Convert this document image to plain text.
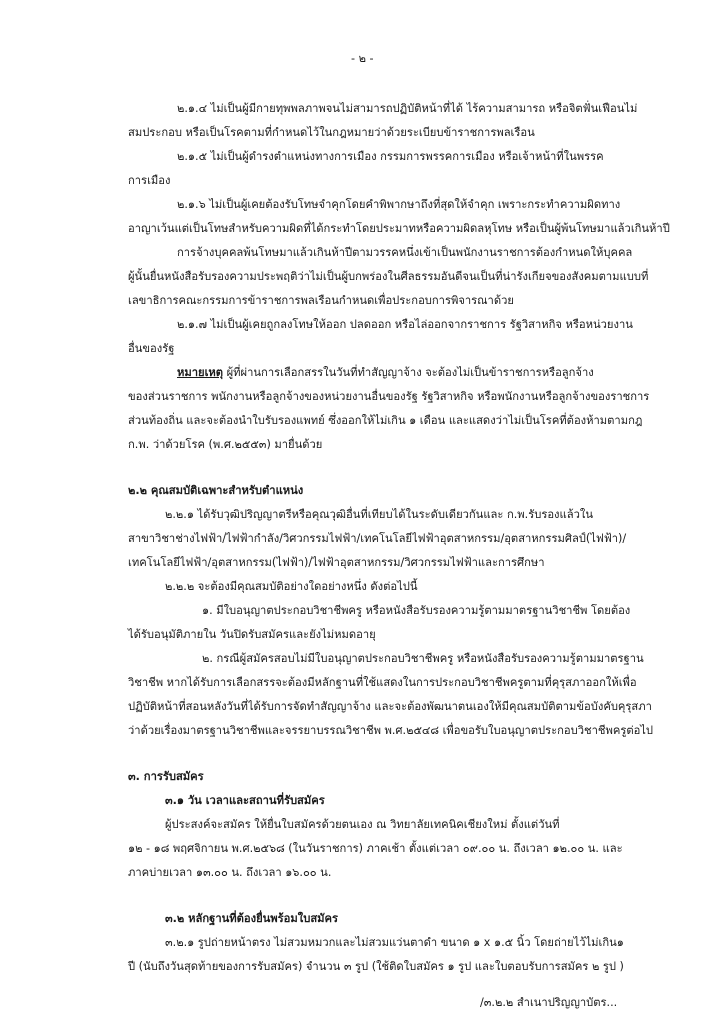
- ๒ -
๒.๑.๔ ไม่เป็นผู้มีกายทุพพลภาพจนไม่สามารถปฏิบัติหน้าที่ได้ ไร้ความสามารถ หรือจิตฟั่นเฟือนไม่
สมประกอบ หรือเป็นโรคตามที่กำหนดไว้ในกฎหมายว่าด้วยระเบียบข้าราชการพลเรือน
๒.๑.๕ ไม่เป็นผู้ดำรงตำแหน่งทางการเมือง กรรมการพรรคการเมือง หรือเจ้าหน้าที่ในพรรค
การเมือง
๒.๑.๖ ไม่เป็นผู้เคยต้องรับโทษจำคุกโดยคำพิพากษาถึงที่สุดให้จำคุก เพราะกระทำความผิดทาง
อาญาเว้นแต่เป็นโทษสำหรับความผิดที่ได้กระทำโดยประมาทหรือความผิดลหุโทษ หรือเป็นผู้พ้นโทษมาแล้วเกินห้าปี
การจ้างบุคคลพ้นโทษมาแล้วเกินห้าปีตามวรรคหนึ่งเข้าเป็นพนักงานราชการต้องกำหนดให้บุคคล
ผู้นั้นยื่นหนังสือรับรองความประพฤติว่าไม่เป็นผู้บกพร่องในศีลธรรมอันดีจนเป็นที่น่ารังเกียจของสังคมตามแบบที่
เลขาธิการคณะกรรมการข้าราชการพลเรือนกำหนดเพื่อประกอบการพิจารณาด้วย
๒.๑.๗ ไม่เป็นผู้เคยถูกลงโทษให้ออก ปลดออก หรือไล่ออกจากราชการ รัฐวิสาหกิจ หรือหน่วยงาน
อื่นของรัฐ
หมายเหตุ ผู้ที่ผ่านการเลือกสรรในวันที่ทำสัญญาจ้าง จะต้องไม่เป็นข้าราชการหรือลูกจ้าง
ของส่วนราชการ พนักงานหรือลูกจ้างของหน่วยงานอื่นของรัฐ รัฐวิสาหกิจ หรือพนักงานหรือลูกจ้างของราชการ
ส่วนท้องถิ่น และจะต้องนำใบรับรองแพทย์ ซึ่งออกให้ไม่เกิน ๑ เดือน และแสดงว่าไม่เป็นโรคที่ต้องห้ามตามกฎ
ก.พ. ว่าด้วยโรค (พ.ศ.๒๕๕๓) มายื่นด้วย
๒.๒ คุณสมบัติเฉพาะสำหรับตำแหน่ง
๒.๒.๑ ได้รับวุฒิปริญญาตรีหรือคุณวุฒิอื่นที่เทียบได้ในระดับเดียวกันและ ก.พ.รับรองแล้วใน
สาขาวิชาช่างไฟฟ้า/ไฟฟ้ากำลัง/วิศวกรรมไฟฟ้า/เทคโนโลยีไฟฟ้าอุตสาหกรรม/อุตสาหกรรมศิลป์(ไฟฟ้า)/
เทคโนโลยีไฟฟ้า/อุตสาหกรรม(ไฟฟ้า)/ไฟฟ้าอุตสาหกรรม/วิศวกรรมไฟฟ้าและการศึกษา
๒.๒.๒ จะต้องมีคุณสมบัติอย่างใดอย่างหนึ่ง ดังต่อไปนี้
๑. มีใบอนุญาตประกอบวิชาชีพครู หรือหนังสือรับรองความรู้ตามมาตรฐานวิชาชีพ โดยต้อง
ได้รับอนุมัติภายใน วันปิดรับสมัครและยังไม่หมดอายุ
๒. กรณีผู้สมัครสอบไม่มีใบอนุญาตประกอบวิชาชีพครู หรือหนังสือรับรองความรู้ตามมาตรฐาน
วิชาชีพ หากได้รับการเลือกสรรจะต้องมีหลักฐานที่ใช้แสดงในการประกอบวิชาชีพครูตามที่คุรุสภาออกให้เพื่อ
ปฏิบัติหน้าที่สอนหลังวันที่ได้รับการจัดทำสัญญาจ้าง และจะต้องพัฒนาตนเองให้มีคุณสมบัติตามข้อบังคับคุรุสภา
ว่าด้วยเรื่องมาตรฐานวิชาชีพและจรรยาบรรณวิชาชีพ พ.ศ.๒๕๔๘ เพื่อขอรับใบอนุญาตประกอบวิชาชีพครูต่อไป
๓. การรับสมัคร
๓.๑ วัน เวลาและสถานที่รับสมัคร
ผู้ประสงค์จะสมัคร ให้ยื่นใบสมัครด้วยตนเอง ณ วิทยาลัยเทคนิคเชียงใหม่ ตั้งแต่วันที่
๑๒ - ๑๘ พฤศจิกายน พ.ศ.๒๕๖๘ (ในวันราชการ) ภาคเช้า ตั้งแต่เวลา ๐๙.๐๐ น. ถึงเวลา ๑๒.๐๐ น. และ
ภาคบ่ายเวลา ๑๓.๐๐ น. ถึงเวลา ๑๖.๐๐ น.
๓.๒ หลักฐานที่ต้องยื่นพร้อมใบสมัคร
๓.๒.๑ รูปถ่ายหน้าตรง ไม่สวมหมวกและไม่สวมแว่นตาดำ ขนาด ๑ x ๑.๕ นิ้ว โดยถ่ายไว้ไม่เกิน๑
ปี (นับถึงวันสุดท้ายของการรับสมัคร) จำนวน ๓ รูป (ใช้ติดใบสมัคร ๑ รูป และใบตอบรับการสมัคร ๒ รูป )
/๓.๒.๒ สำเนาปริญญาบัตร...
